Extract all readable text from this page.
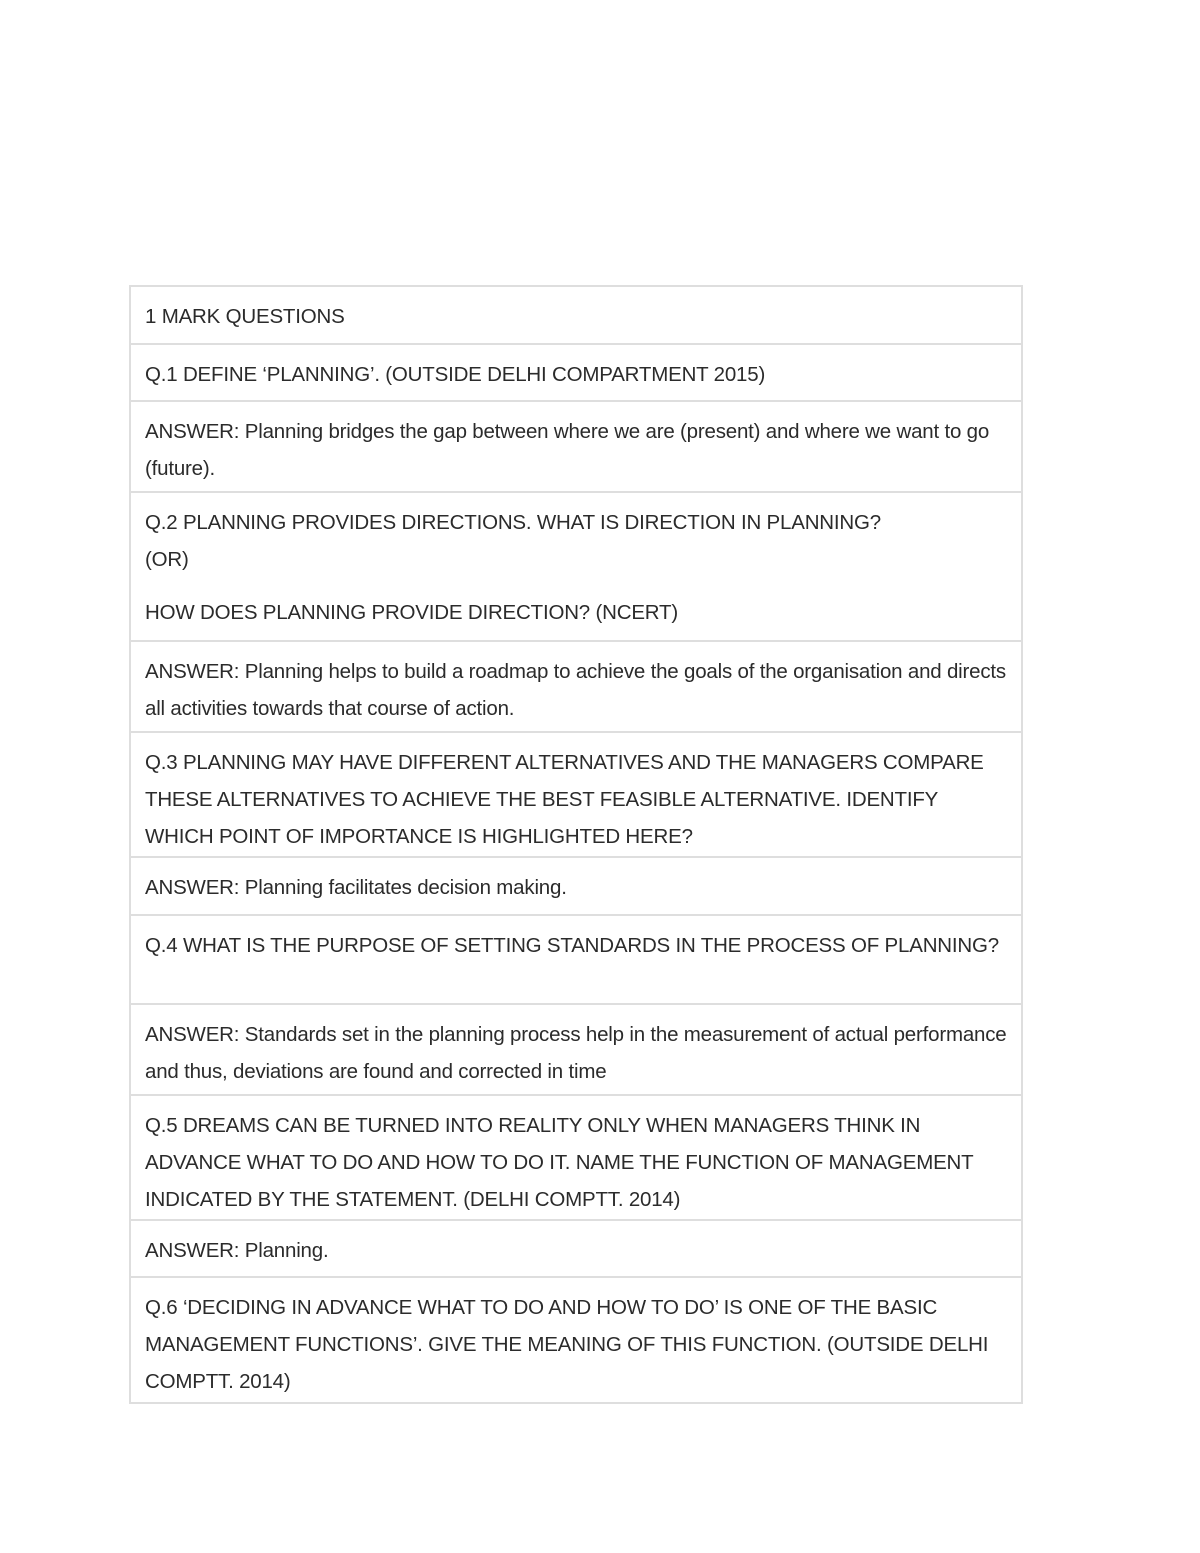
1 MARK QUESTIONS

Q.1 DEFINE ‘PLANNING’. (OUTSIDE DELHI COMPARTMENT 2015)

ANSWER: Planning bridges the gap between where we are (present) and where we want to go (future).

Q.2 PLANNING PROVIDES DIRECTIONS. WHAT IS DIRECTION IN PLANNING?

(OR)

HOW DOES PLANNING PROVIDE DIRECTION? (NCERT)

ANSWER: Planning helps to build a roadmap to achieve the goals of the organisation and directs all activities towards that course of action.

Q.3 PLANNING MAY HAVE DIFFERENT ALTERNATIVES AND THE MANAGERS COMPARE THESE ALTERNATIVES TO ACHIEVE THE BEST FEASIBLE ALTERNATIVE. IDENTIFY WHICH POINT OF IMPORTANCE IS HIGHLIGHTED HERE?

ANSWER: Planning facilitates decision making.

Q.4 WHAT IS THE PURPOSE OF SETTING STANDARDS IN THE PROCESS OF PLANNING?

ANSWER: Standards set in the planning process help in the measurement of actual performance and thus, deviations are found and corrected in time

Q.5 DREAMS CAN BE TURNED INTO REALITY ONLY WHEN MANAGERS THINK IN ADVANCE WHAT TO DO AND HOW TO DO IT. NAME THE FUNCTION OF MANAGEMENT INDICATED BY THE STATEMENT. (DELHI COMPTT. 2014)

ANSWER: Planning.

Q.6 ‘DECIDING IN ADVANCE WHAT TO DO AND HOW TO DO’ IS ONE OF THE BASIC MANAGEMENT FUNCTIONS’. GIVE THE MEANING OF THIS FUNCTION. (OUTSIDE DELHI COMPTT. 2014)
